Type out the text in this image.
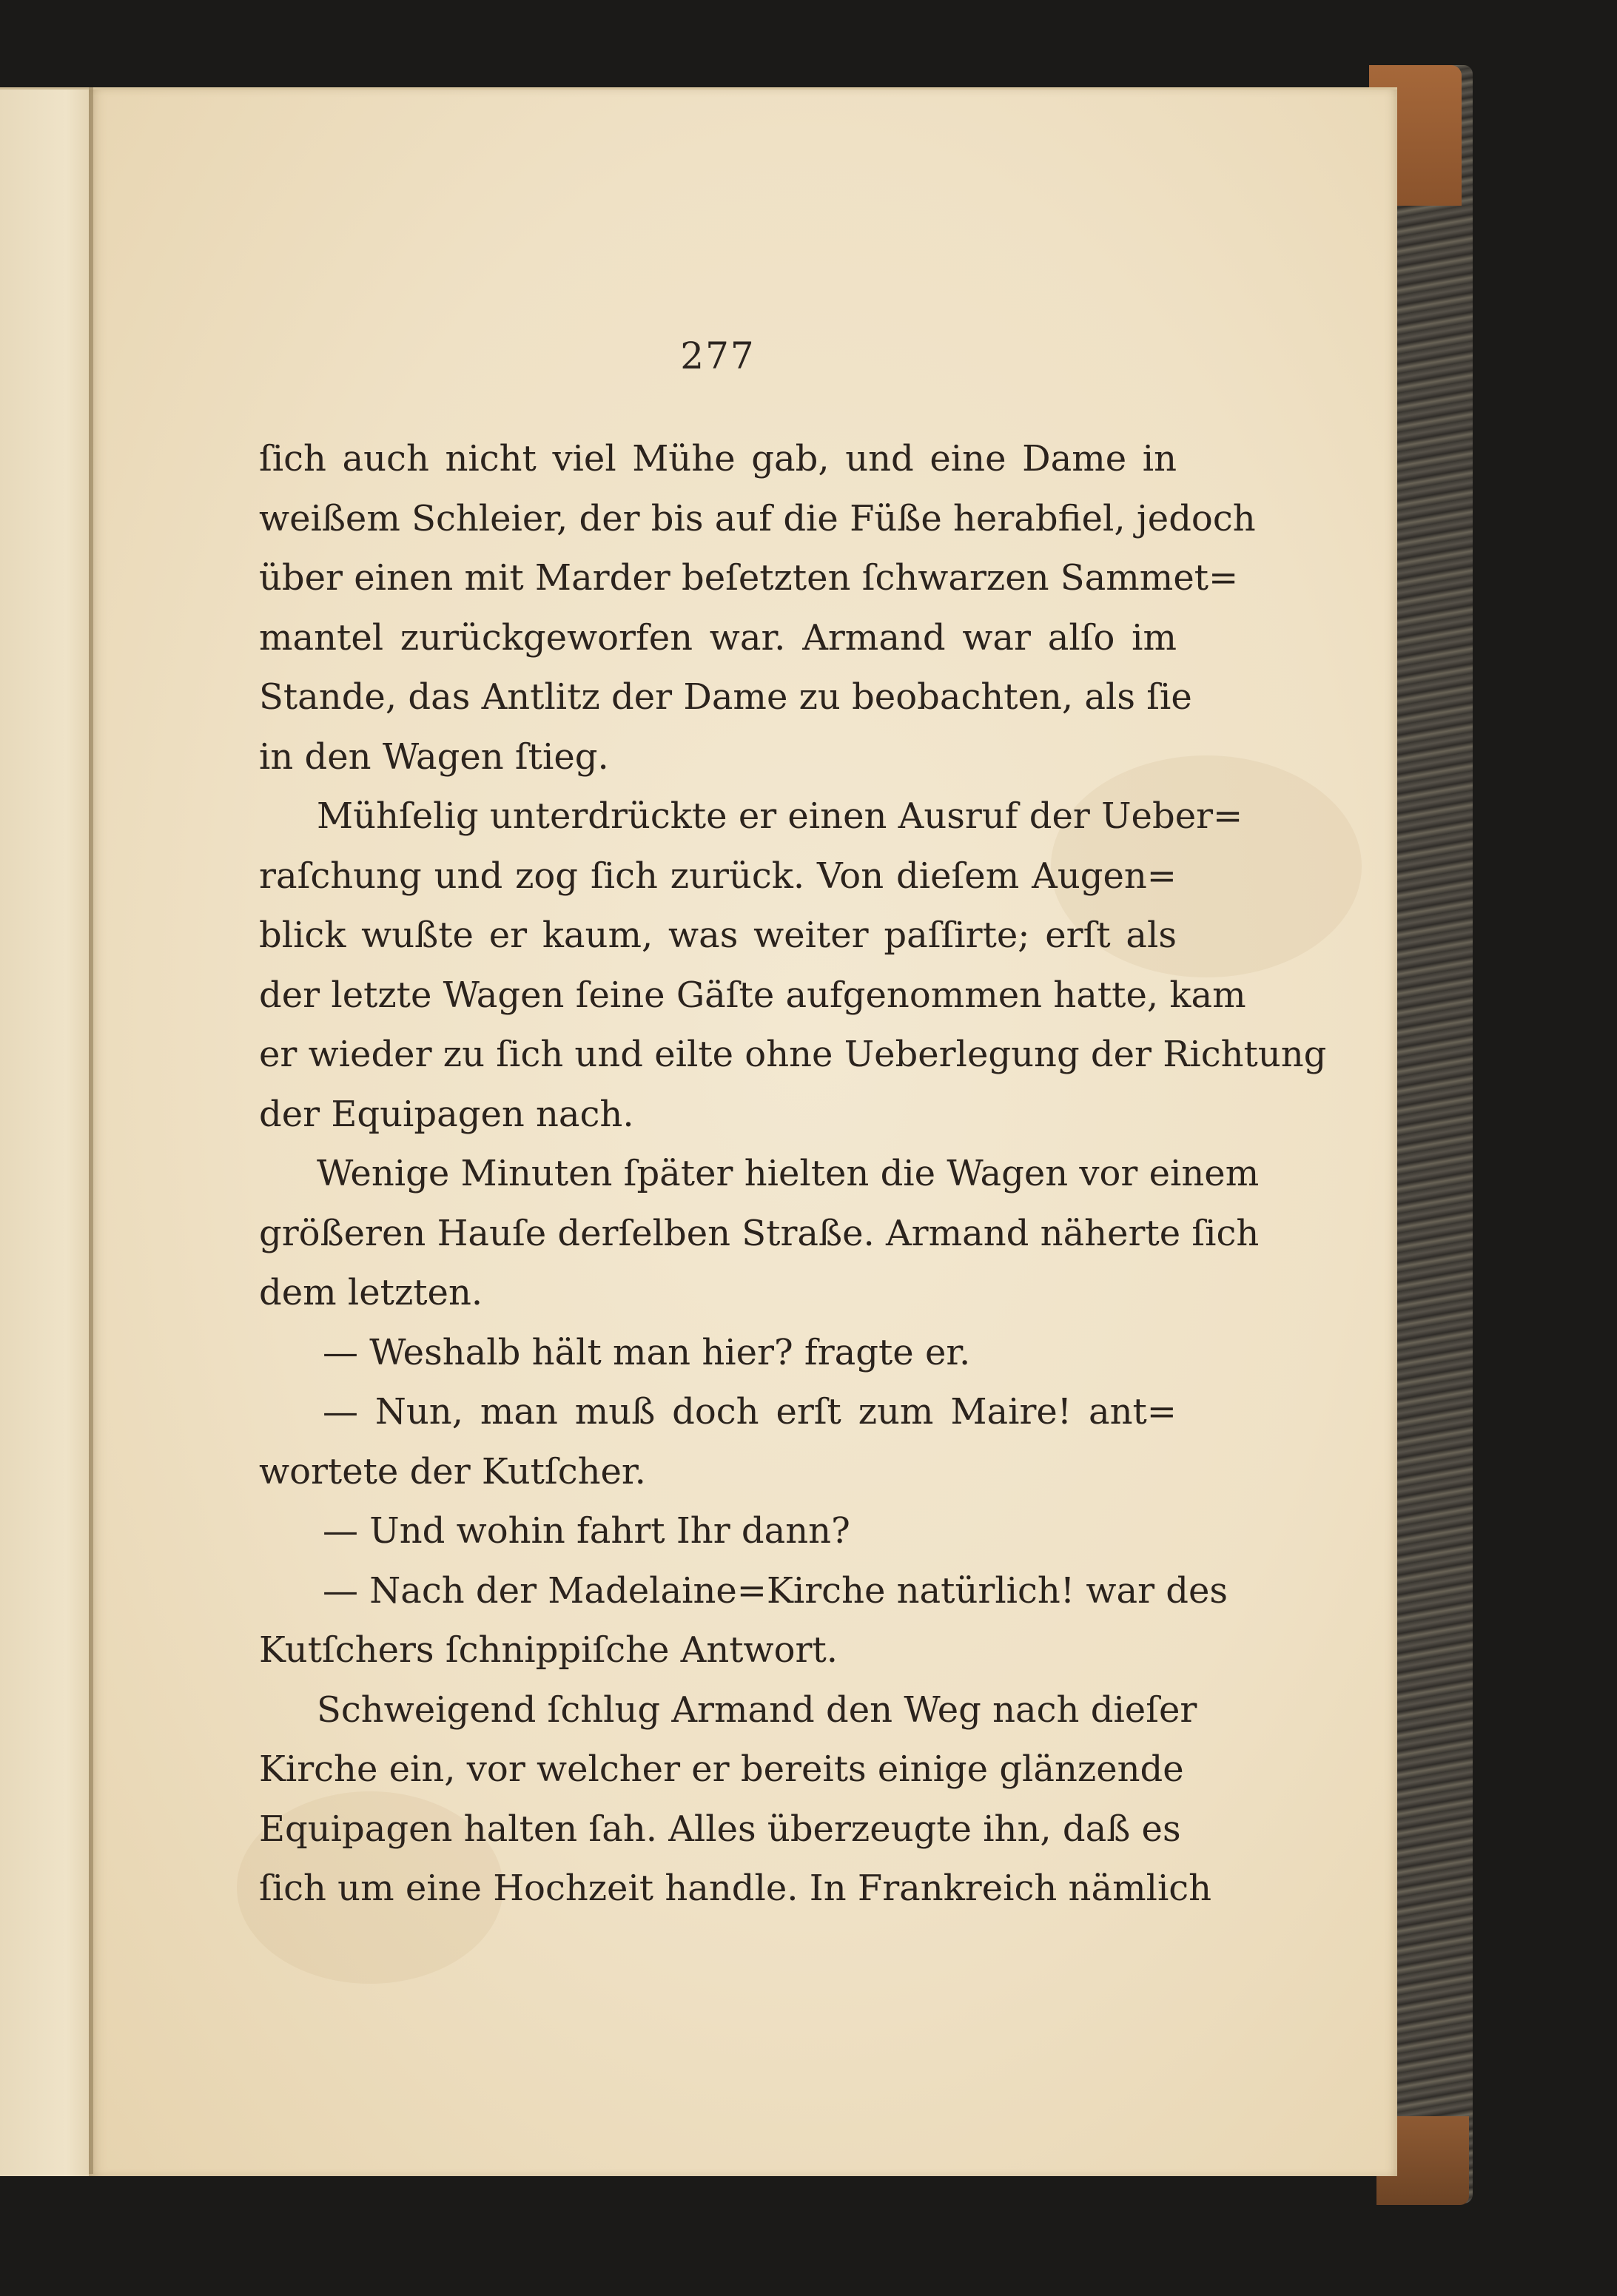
277
ſich auch nicht viel Mühe gab, und eine Dame in
weißem Schleier, der bis auf die Füße herabfiel, jedoch
über einen mit Marder beſetzten ſchwarzen Sammet=
mantel zurückgeworfen war. Armand war alſo im
Stande, das Antlitz der Dame zu beobachten, als ſie
in den Wagen ſtieg.
Mühſelig unterdrückte er einen Ausruf der Ueber=
raſchung und zog ſich zurück. Von dieſem Augen=
blick wußte er kaum, was weiter paſſirte; erſt als
der letzte Wagen ſeine Gäſte aufgenommen hatte, kam
er wieder zu ſich und eilte ohne Ueberlegung der Richtung
der Equipagen nach.
Wenige Minuten ſpäter hielten die Wagen vor einem
größeren Hauſe derſelben Straße. Armand näherte ſich
dem letzten.
— Weshalb hält man hier? fragte er.
— Nun, man muß doch erſt zum Maire! ant=
wortete der Kutſcher.
— Und wohin fahrt Ihr dann?
— Nach der Madelaine=Kirche natürlich! war des
Kutſchers ſchnippiſche Antwort.
Schweigend ſchlug Armand den Weg nach dieſer
Kirche ein, vor welcher er bereits einige glänzende
Equipagen halten ſah. Alles überzeugte ihn, daß es
ſich um eine Hochzeit handle. In Frankreich nämlich
